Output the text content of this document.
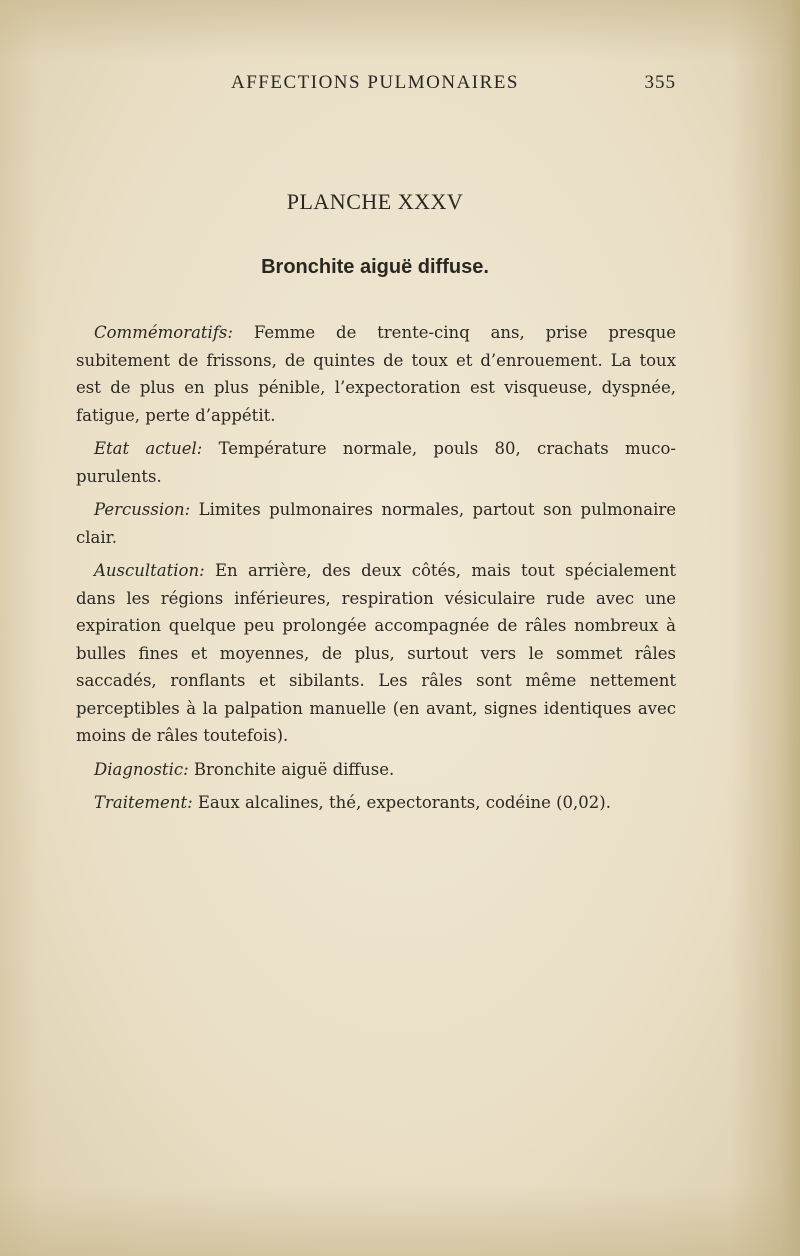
AFFECTIONS PULMONAIRES	355
PLANCHE XXXV
Bronchite aiguë diffuse.

Commémoratifs: Femme de trente-cinq ans, prise presque subitement de frissons, de quintes de toux et d’enrouement. La toux est de plus en plus pénible, l’expectoration est visqueuse, dyspnée, fatigue, perte d’appétit.

Etat actuel: Température normale, pouls 80, crachats muco-purulents.

Percussion: Limites pulmonaires normales, partout son pulmonaire clair.

Auscultation: En arrière, des deux côtés, mais tout spécialement dans les régions inférieures, respiration vésiculaire rude avec une expiration quelque peu prolongée accompagnée de râles nombreux à bulles fines et moyennes, de plus, surtout vers le sommet râles saccadés, ronflants et sibilants. Les râles sont même nettement perceptibles à la palpation manuelle (en avant, signes identiques avec moins de râles toutefois).

Diagnostic: Bronchite aiguë diffuse.

Traitement: Eaux alcalines, thé, expectorants, codéine (0,02).
